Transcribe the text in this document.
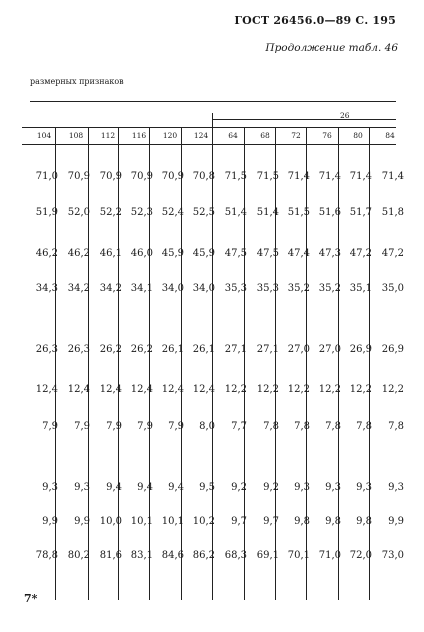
ГОСТ 26456.0—89 С. 195
Продолжение табл. 46
размерных признаков
26
104	108	112	116	120	124	64	68	72	76	80	84
71,0 70,9 70,9 70,9 70,9 70,8 71,5 71,5 71,4 71,4 71,4 71,4
51,9 52,0 52,2 52,3 52,4 52,5 51,4 51,4 51,5 51,6 51,7 51,8
46,2 46,2 46,1 46,0 45,9 45,9 47,5 47,5 47,4 47,3 47,2 47,2
34,3 34,2 34,2 34,1 34,0 34,0 35,3 35,3 35,2 35,2 35,1 35,0
26,3 26,3 26,2 26,2 26,1 26,1 27,1 27,1 27,0 27,0 26,9 26,9
12,4 12,4 12,4 12,4 12,4 12,4 12,2 12,2 12,2 12,2 12,2 12,2
7,9	7,9	7,9	7,9	7,9	8,0	7,7	7,8	7,8	7,8	7,8	7,8
9,3	9,3	9,4	9,4	9,4	9,5	9,2	9,2	9,3	9,3	9,3	9,3
9,9	9,9 10,0 10,1 10,1 10,2	9,7	9,7	9,8	9,8	9,8	9,9
78,8 80,2 81,6 83,1 84,6 86,2 68,3 69,1 70,1 71,0 72,0 73,0
7*
